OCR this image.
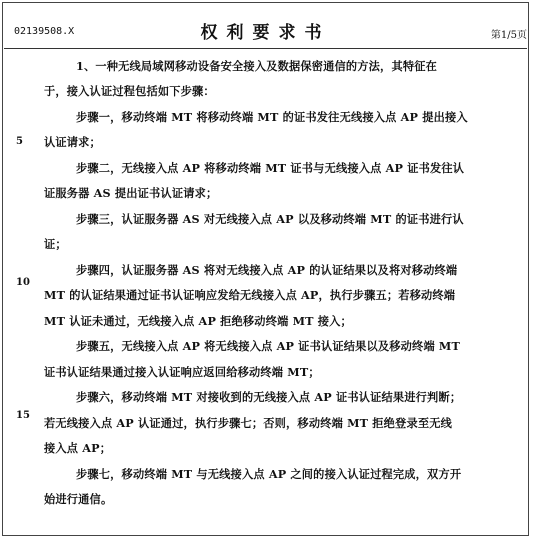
02139508.X	权利要求书	第1/5页
1、一种无线局域网移动设备安全接入及数据保密通信的方法，其特征在
于，接入认证过程包括如下步骤：
步骤一，移动终端 MT 将移动终端 MT 的证书发往无线接入点 AP 提出接入
认证请求；
步骤二，无线接入点 AP 将移动终端 MT 证书与无线接入点 AP 证书发往认
证服务器 AS 提出证书认证请求；
步骤三，认证服务器 AS 对无线接入点 AP 以及移动终端 MT 的证书进行认
证；
步骤四，认证服务器 AS 将对无线接入点 AP 的认证结果以及将对移动终端
MT 的认证结果通过证书认证响应发给无线接入点 AP，执行步骤五；若移动终端
MT 认证未通过，无线接入点 AP 拒绝移动终端 MT 接入；
步骤五，无线接入点 AP 将无线接入点 AP 证书认证结果以及移动终端 MT
证书认证结果通过接入认证响应返回给移动终端 MT；
步骤六，移动终端 MT 对接收到的无线接入点 AP 证书认证结果进行判断；
若无线接入点 AP 认证通过，执行步骤七；否则，移动终端 MT 拒绝登录至无线
接入点 AP；
步骤七，移动终端 MT 与无线接入点 AP 之间的接入认证过程完成，双方开
始进行通信。
5
10
15
